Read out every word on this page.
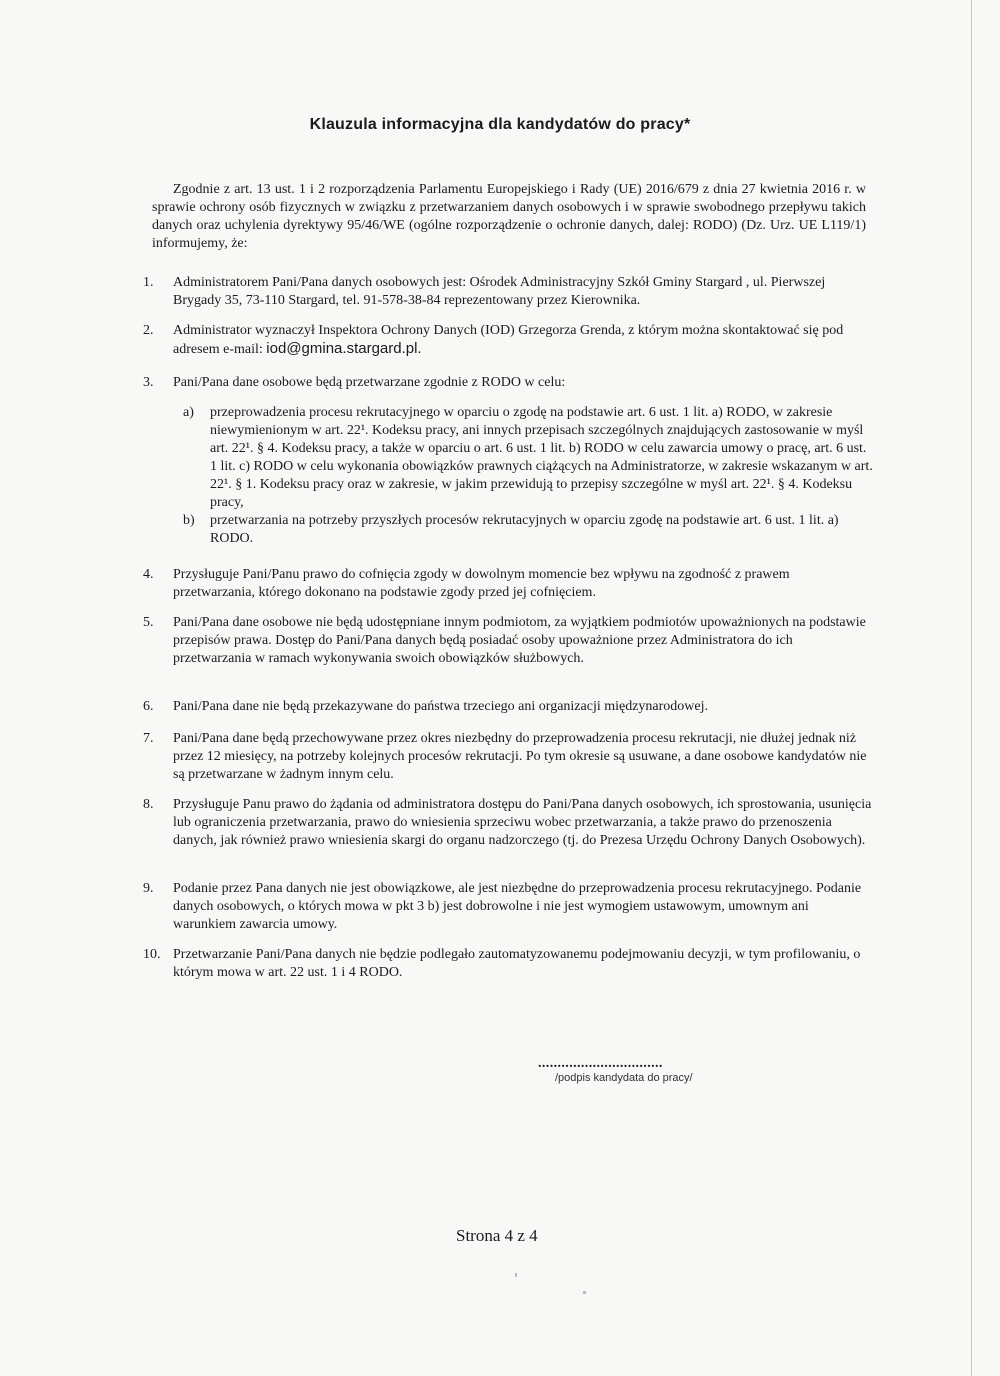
Klauzula informacyjna dla kandydatów do pracy*

Zgodnie z art. 13 ust. 1 i 2 rozporządzenia Parlamentu Europejskiego i Rady (UE) 2016/679 z dnia 27 kwietnia 2016 r. w sprawie ochrony osób fizycznych w związku z przetwarzaniem danych osobowych i w sprawie swobodnego przepływu takich danych oraz uchylenia dyrektywy 95/46/WE (ogólne rozporządzenie o ochronie danych, dalej: RODO) (Dz. Urz. UE L119/1) informujemy, że:

1.	Administratorem Pani/Pana danych osobowych jest: Ośrodek Administracyjny Szkół Gminy Stargard , ul. Pierwszej Brygady 35, 73-110 Stargard, tel. 91-578-38-84 reprezentowany przez Kierownika.
2.	Administrator wyznaczył Inspektora Ochrony Danych (IOD) Grzegorza Grenda, z którym można skontaktować się pod adresem e-mail: iod@gmina.stargard.pl.
3.	Pani/Pana dane osobowe będą przetwarzane zgodnie z RODO w celu:
a) przeprowadzenia procesu rekrutacyjnego w oparciu o zgodę na podstawie art. 6 ust. 1 lit. a) RODO, w zakresie niewymienionym w art. 22¹. Kodeksu pracy, ani innych przepisach szczególnych znajdujących zastosowanie w myśl art. 22¹. § 4. Kodeksu pracy, a także w oparciu o art. 6 ust. 1 lit. b) RODO w celu zawarcia umowy o pracę, art. 6 ust. 1 lit. c) RODO w celu wykonania obowiązków prawnych ciążących na Administratorze, w zakresie wskazanym w art. 22¹. § 1. Kodeksu pracy oraz w zakresie, w jakim przewidują to przepisy szczególne w myśl art. 22¹. § 4. Kodeksu pracy,
b) przetwarzania na potrzeby przyszłych procesów rekrutacyjnych w oparciu zgodę na podstawie art. 6 ust. 1 lit. a) RODO.
4.	Przysługuje Pani/Panu prawo do cofnięcia zgody w dowolnym momencie bez wpływu na zgodność z prawem przetwarzania, którego dokonano na podstawie zgody przed jej cofnięciem.
5.	Pani/Pana dane osobowe nie będą udostępniane innym podmiotom, za wyjątkiem podmiotów upoważnionych na podstawie przepisów prawa. Dostęp do Pani/Pana danych będą posiadać osoby upoważnione przez Administratora do ich przetwarzania w ramach wykonywania swoich obowiązków służbowych.
6.	Pani/Pana dane nie będą przekazywane do państwa trzeciego ani organizacji międzynarodowej.
7.	Pani/Pana dane będą przechowywane przez okres niezbędny do przeprowadzenia procesu rekrutacji, nie dłużej jednak niż przez 12 miesięcy, na potrzeby kolejnych procesów rekrutacji. Po tym okresie są usuwane, a dane osobowe kandydatów nie są przetwarzane w żadnym innym celu.
8.	Przysługuje Panu prawo do żądania od administratora dostępu do Pani/Pana danych osobowych, ich sprostowania, usunięcia lub ograniczenia przetwarzania, prawo do wniesienia sprzeciwu wobec przetwarzania, a także prawo do przenoszenia danych, jak również prawo wniesienia skargi do organu nadzorczego (tj. do Prezesa Urzędu Ochrony Danych Osobowych).
9.	Podanie przez Pana danych nie jest obowiązkowe, ale jest niezbędne do przeprowadzenia procesu rekrutacyjnego. Podanie danych osobowych, o których mowa w pkt 3 b) jest dobrowolne i nie jest wymogiem ustawowym, umownym ani warunkiem zawarcia umowy.
10. Przetwarzanie Pani/Pana danych nie będzie podlegało zautomatyzowanemu podejmowaniu decyzji, w tym profilowaniu, o którym mowa w art. 22 ust. 1 i 4 RODO.
................................
/podpis kandydata do pracy/
Strona 4 z 4
